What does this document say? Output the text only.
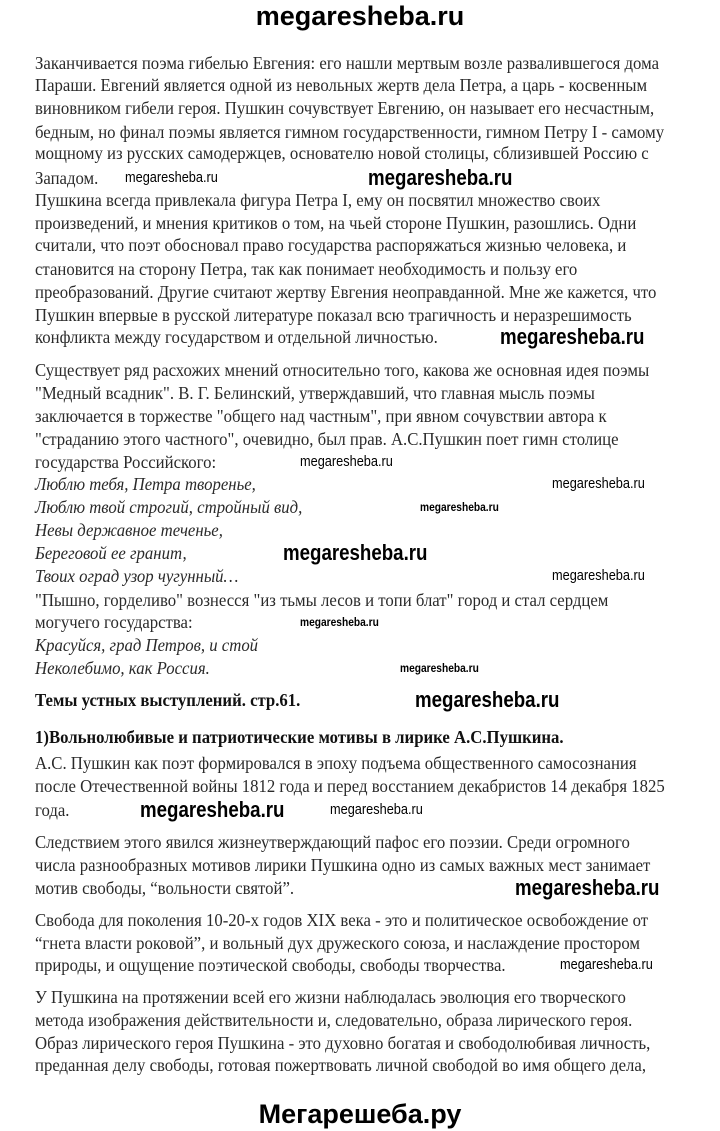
megaresheba.ru
Заканчивается поэма гибелью Евгения: его нашли мертвым возле развалившегося дома
Параши. Евгений является одной из невольных жертв дела Петра, а царь - косвенным
виновником гибели героя. Пушкин сочувствует Евгению, он называет его несчастным,
бедным, но финал поэмы является гимном государственности, гимном Петру I - самому
мощному из русских самодержцев, основателю новой столицы, сблизившей Россию с
Западом.
Пушкина всегда привлекала фигура Петра I, ему он посвятил множество своих
произведений, и мнения критиков о том, на чьей стороне Пушкин, разошлись. Одни
считали, что поэт обосновал право государства распоряжаться жизнью человека, и
становится на сторону Петра, так как понимает необходимость и пользу его
преобразований. Другие считают жертву Евгения неоправданной. Мне же кажется, что
Пушкин впервые в русской литературе показал всю трагичность и неразрешимость
конфликта между государством и отдельной личностью.
Существует ряд расхожих мнений относительно того, какова же основная идея поэмы
"Медный всадник". В. Г. Белинский, утверждавший, что главная мысль поэмы
заключается в торжестве "общего над частным", при явном сочувствии автора к
"страданию этого частного", очевидно, был прав. А.С.Пушкин поет гимн столице
государства Российского:
Люблю тебя, Петра творенье,
Люблю твой строгий, стройный вид,
Невы державное теченье,
Береговой ее гранит,
Твоих оград узор чугунный…
"Пышно, горделиво" вознесся "из тьмы лесов и топи блат" город и стал сердцем
могучего государства:
Красуйся, град Петров, и стой
Неколебимо, как Россия.
Темы устных выступлений. стр.61.
1)Вольнолюбивые и патриотические мотивы в лирике А.С.Пушкина.
А.С. Пушкин как поэт формировался в эпоху подъема общественного самосознания
после Отечественной войны 1812 года и перед восстанием декабристов 14 декабря 1825
года.
Следствием этого явился жизнеутверждающий пафос его поэзии. Среди огромного
числа разнообразных мотивов лирики Пушкина одно из самых важных мест занимает
мотив свободы, “вольности святой”.
Свобода для поколения 10-20-х годов XIX века - это и политическое освобождение от
“гнета власти роковой”, и вольный дух дружеского союза, и наслаждение простором
природы, и ощущение поэтической свободы, свободы творчества.
У Пушкина на протяжении всей его жизни наблюдалась эволюция его творческого
метода изображения действительности и, следовательно, образа лирического героя.
Образ лирического героя Пушкина - это духовно богатая и свободолюбивая личность,
преданная делу свободы, готовая пожертвовать личной свободой во имя общего дела,
megaresheba.ru
megaresheba.ru	megaresheba.ru
megaresheba.ru
megaresheba.ru
megaresheba.ru
megaresheba.ru
megaresheba.ru
megaresheba.ru
megaresheba.ru
megaresheba.ru
megaresheba.ru
megaresheba.ru
megaresheba.ru
megaresheba.ru
Мегарешеба.ру
